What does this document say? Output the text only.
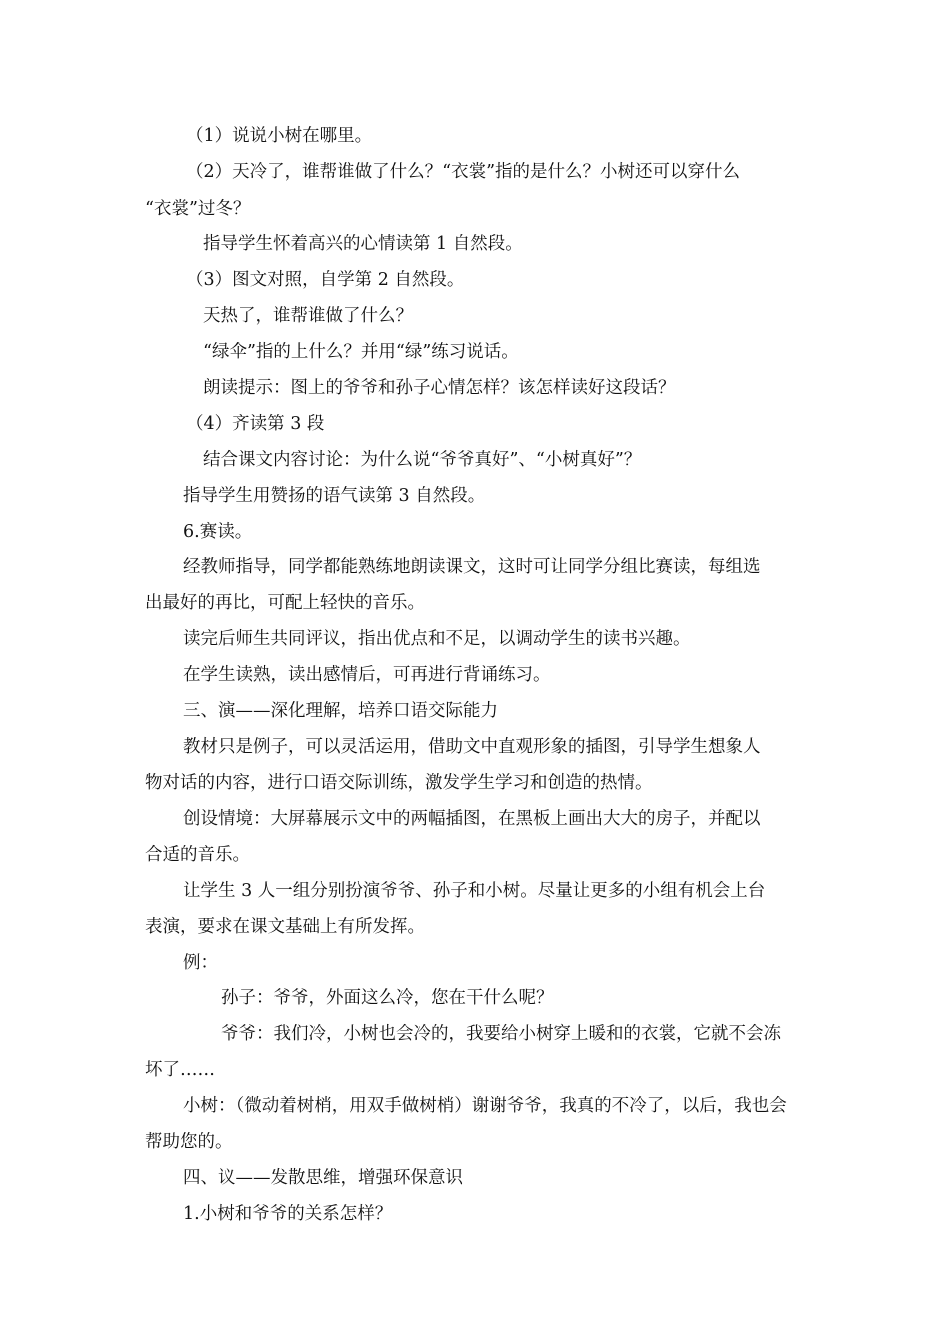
（1）说说小树在哪里。
（2）天冷了，谁帮谁做了什么？“衣裳”指的是什么？小树还可以穿什么
“衣裳”过冬？
指导学生怀着高兴的心情读第 1 自然段。
（3）图文对照，自学第 2 自然段。
天热了，谁帮谁做了什么？
“绿伞”指的上什么？并用“绿”练习说话。
朗读提示：图上的爷爷和孙子心情怎样？该怎样读好这段话？
（4）齐读第 3 段
结合课文内容讨论：为什么说“爷爷真好”、“小树真好”？
指导学生用赞扬的语气读第 3 自然段。
6.赛读。
经教师指导，同学都能熟练地朗读课文，这时可让同学分组比赛读，每组选
出最好的再比，可配上轻快的音乐。
读完后师生共同评议，指出优点和不足，以调动学生的读书兴趣。
在学生读熟，读出感情后，可再进行背诵练习。
三、演——深化理解，培养口语交际能力
教材只是例子，可以灵活运用，借助文中直观形象的插图，引导学生想象人
物对话的内容，进行口语交际训练，激发学生学习和创造的热情。
创设情境：大屏幕展示文中的两幅插图，在黑板上画出大大的房子，并配以
合适的音乐。
让学生 3 人一组分别扮演爷爷、孙子和小树。尽量让更多的小组有机会上台
表演，要求在课文基础上有所发挥。
例：
孙子：爷爷，外面这么冷，您在干什么呢？
爷爷：我们冷，小树也会冷的，我要给小树穿上暖和的衣裳，它就不会冻
坏了……
小树：（微动着树梢，用双手做树梢）谢谢爷爷，我真的不冷了，以后，我也会
帮助您的。
四、议——发散思维，增强环保意识
1.小树和爷爷的关系怎样？
